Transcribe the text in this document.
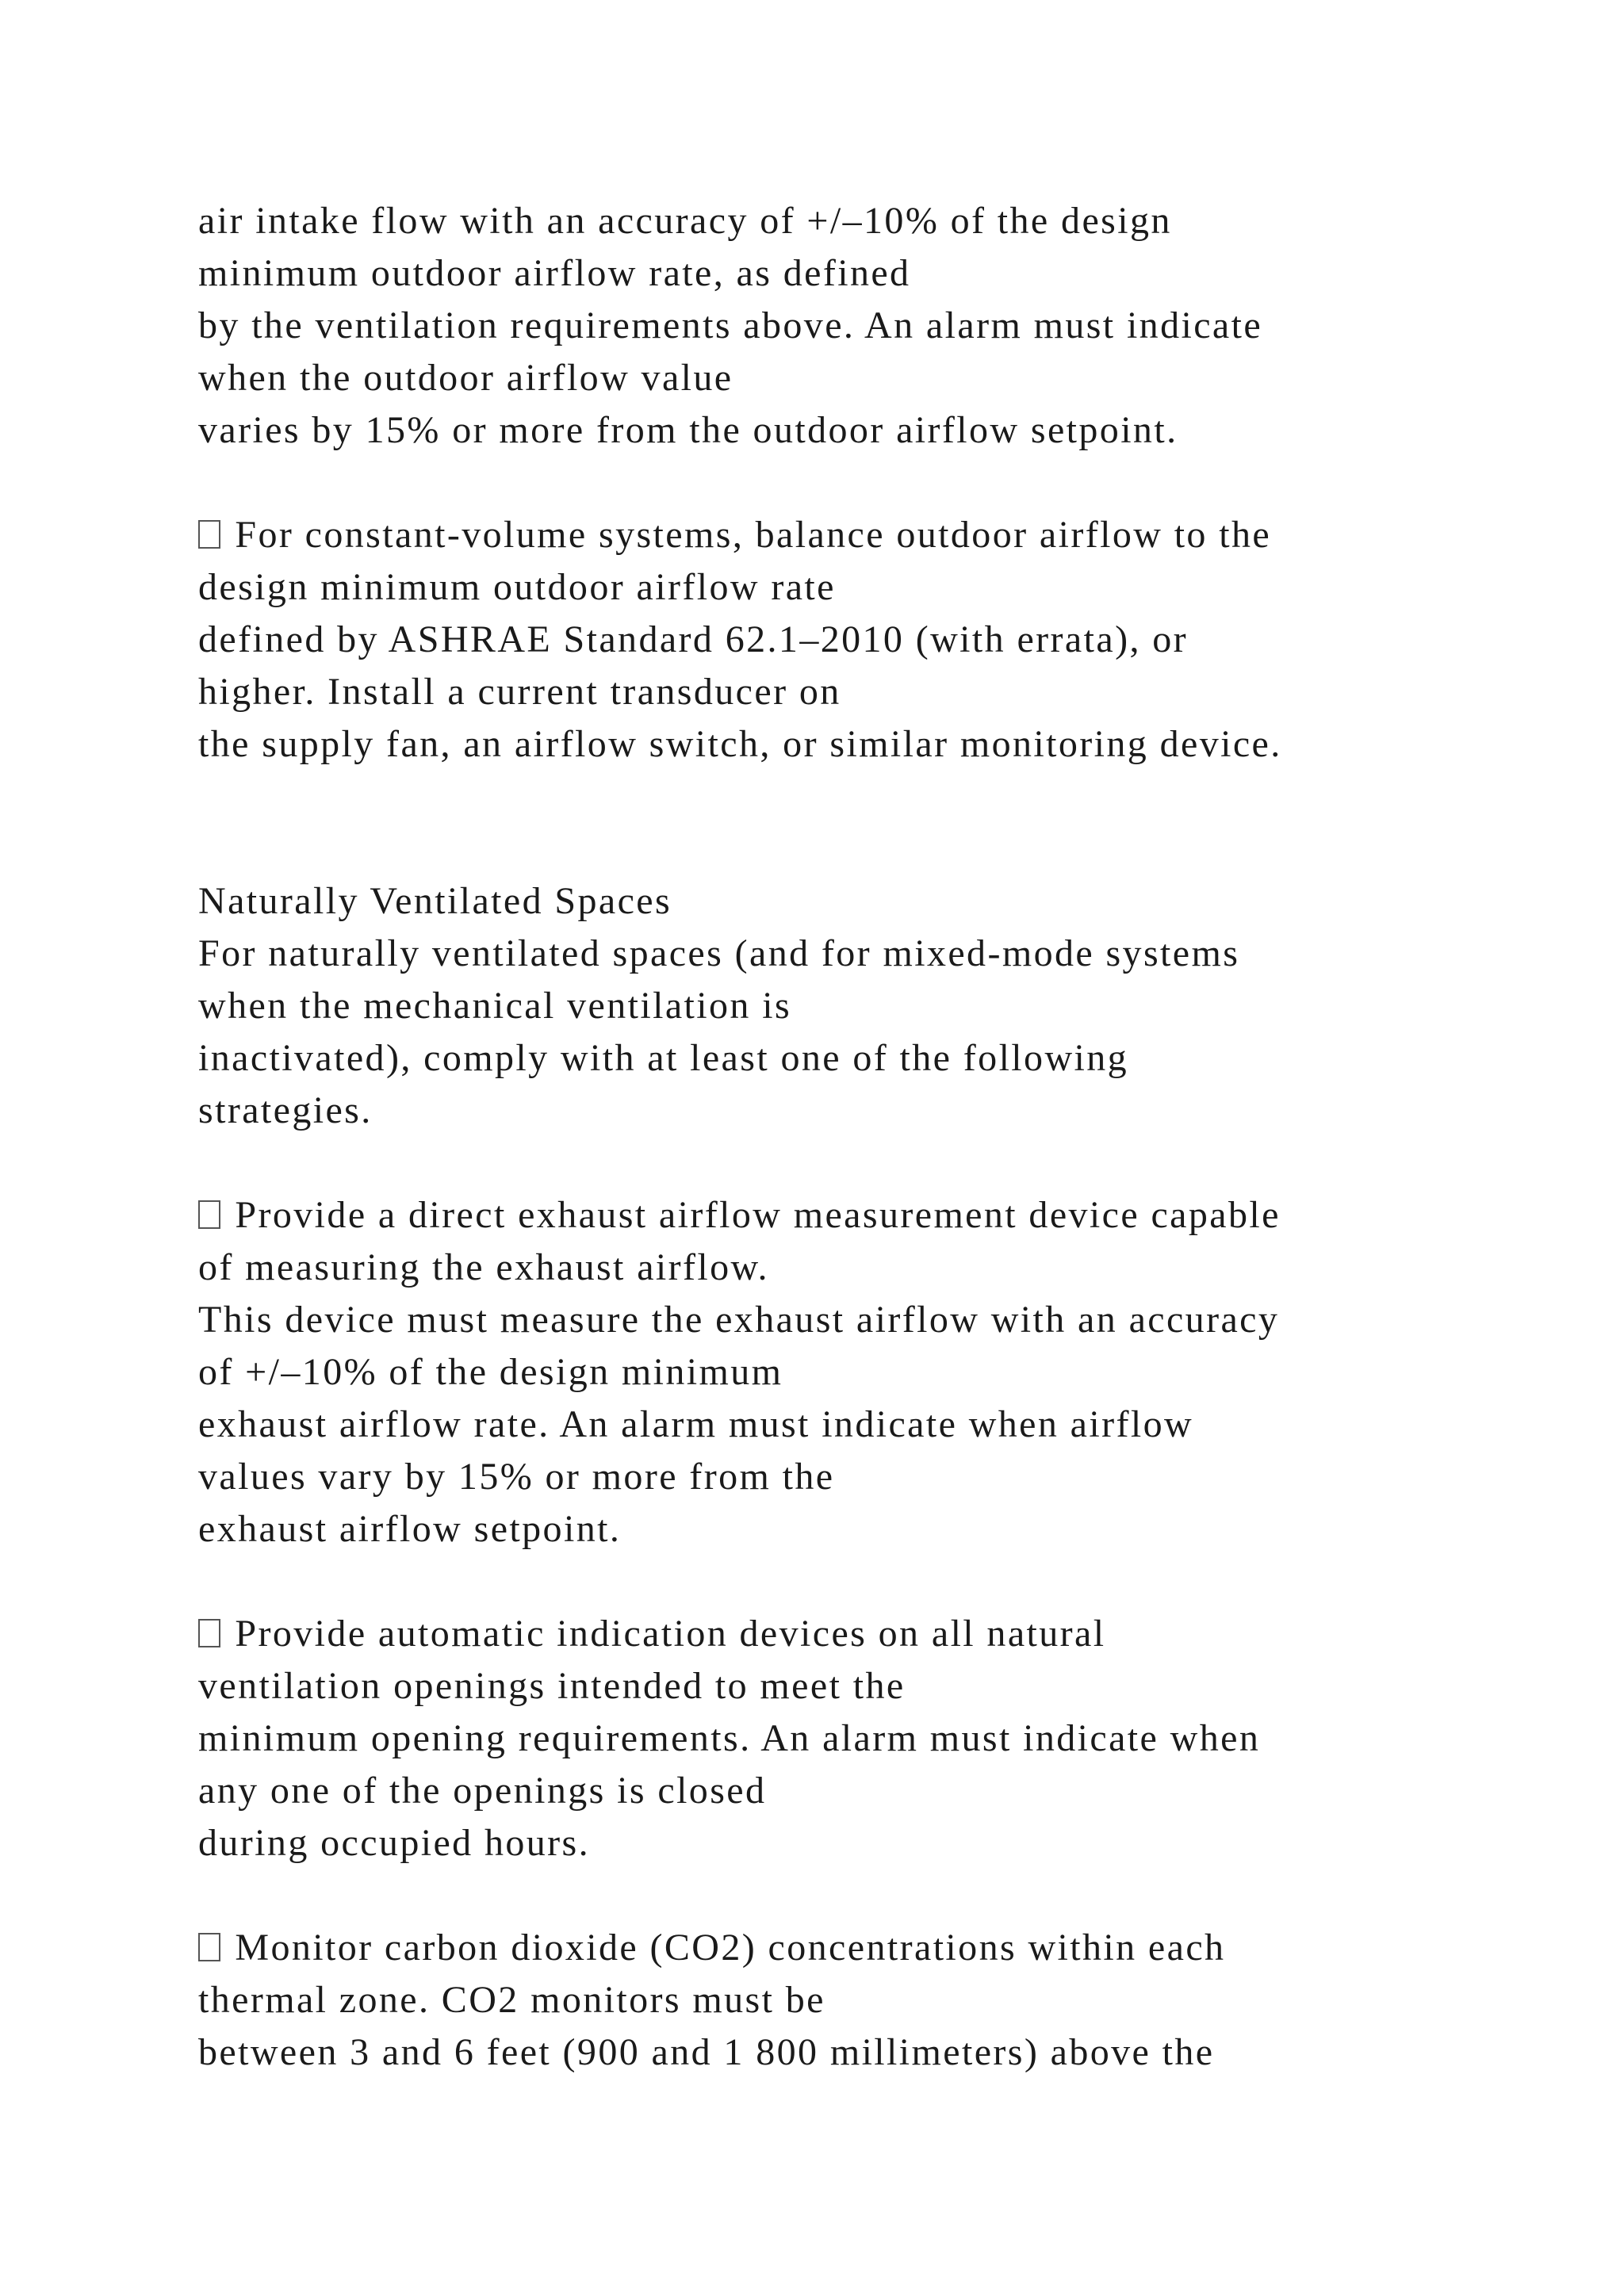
air intake flow with an accuracy of +/–10% of the design
minimum outdoor airflow rate, as defined
by the ventilation requirements above. An alarm must indicate
when the outdoor airflow value
varies by 15% or more from the outdoor airflow setpoint.
For constant-volume systems, balance outdoor airflow to the
design minimum outdoor airflow rate
defined by ASHRAE Standard 62.1–2010 (with errata), or
higher. Install a current transducer on
the supply fan, an airflow switch, or similar monitoring device.
Naturally Ventilated Spaces
For naturally ventilated spaces (and for mixed-mode systems
when the mechanical ventilation is
inactivated), comply with at least one of the following
strategies.
Provide a direct exhaust airflow measurement device capable
of measuring the exhaust airflow.
This device must measure the exhaust airflow with an accuracy
of +/–10% of the design minimum
exhaust airflow rate. An alarm must indicate when airflow
values vary by 15% or more from the
exhaust airflow setpoint.
Provide automatic indication devices on all natural
ventilation openings intended to meet the
minimum opening requirements. An alarm must indicate when
any one of the openings is closed
during occupied hours.
Monitor carbon dioxide (CO2) concentrations within each
thermal zone. CO2 monitors must be
between 3 and 6 feet (900 and 1 800 millimeters) above the
